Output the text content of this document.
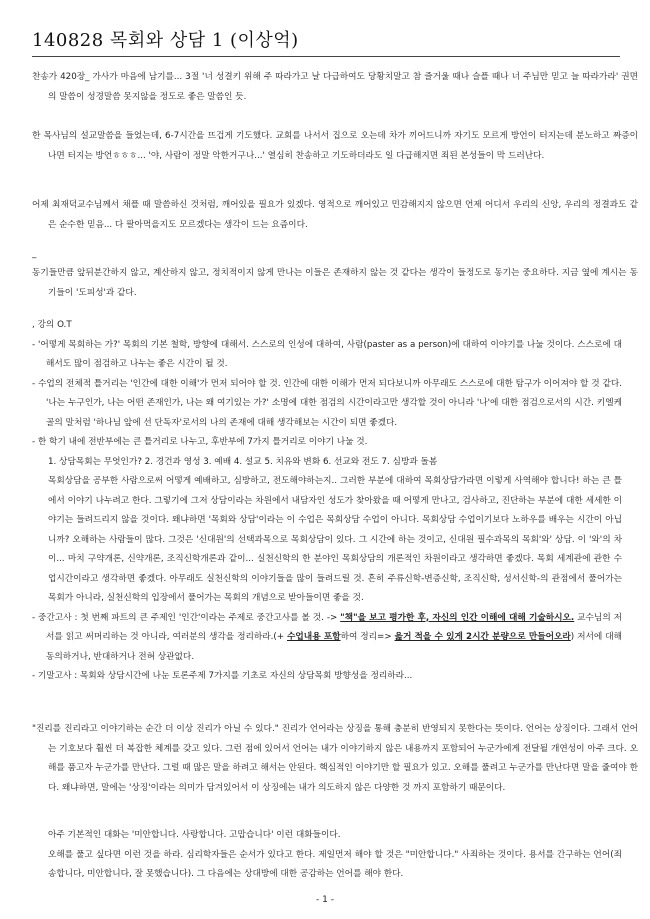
140828 목회와 상담 1 (이상억)
찬송가 420장_ 가사가 마음에 남기를... 3절 '너 성결키 위해 주 따라가고 날 다급하여도 당황치말고 참 즐거울 때나 슬플 때나 너 주님만 믿고 늘 따라가라' 권면의 말씀이 성경말씀 못지않을 정도로 좋은 말씀인 듯.
한 목사님의 설교말씀을 들었는데, 6-7시간을 뜨겁게 기도했다. 교회를 나서서 집으로 오는데 차가 끼어드니까 자기도 모르게 방언이 터지는데 분노하고 짜증이나면 터지는 방언ㅎㅎㅎ... '야, 사람이 정말 악한거구나...' 열심히 찬송하고 기도하더라도 일 다급해지면 죄된 본성들이 막 드러난다.
어제 최재덕교수님께서 채플 때 말씀하신 것처럼, 깨어있을 필요가 있겠다. 영적으로 깨어있고 민감해지지 않으면 언제 어디서 우리의 신앙, 우리의 정결과도 같은 순수한 믿음... 다 팔아먹을지도 모르겠다는 생각이 드는 요즘이다.
_
동기들만큼 앞뒤분간하지 않고, 계산하지 않고, 정치적이지 않게 만나는 이들은 존재하지 않는 것 같다는 생각이 들정도로 동기는 중요하다. 지금 옆에 계시는 동기들이 '도피성'과 같다.
, 강의 O.T
- '어떻게 목회하는 가?' 목회의 기본 철학, 방향에 대해서. 스스로의 인성에 대하여, 사람(paster as a person)에 대하여 이야기를 나눌 것이다. 스스로에 대해서도 많이 점검하고 나누는 좋은 시간이 될 것.
- 수업의 전체적 틀거리는 '인간에 대한 이해'가 먼저 되어야 할 것. 인간에 대한 이해가 먼저 되다보니까 아무래도 스스로에 대한 탐구가 이어져야 할 것 같다. '나는 누구인가, 나는 어떤 존재인가, 나는 왜 여기있는 가?' 소명에 대한 점검의 시간이라고만 생각할 것이 아니라 '나'에 대한 점검으로서의 시간. 키엘케골의 말처럼 '하나님 앞에 선 단독자'로서의 나의 존재에 대해 생각해보는 시간이 되면 좋겠다.
- 한 학기 내에 전반부에는 큰 틀거리로 나누고, 후반부에 7가지 틀거리로 이야기 나눌 것.
1. 상담목회는 무엇인가? 2. 경건과 영성 3. 예배 4. 설교 5. 치유와 변화 6. 선교와 전도 7. 심방과 돌봄
목회상담을 공부한 사람으로써 어떻게 예배하고, 심방하고, 전도해야하는지.. 그러한 부분에 대하여 목회상담가라면 이렇게 사역해야 합니다! 하는 큰 틀에서 이야기 나누려고 한다. 그렇기에 그저 상담이라는 차원에서 내담자인 성도가 찾아왔을 때 어떻게 만나고, 검사하고, 진단하는 부분에 대한 세세한 이야기는 들려드리지 않을 것이다. 왜냐하면 '목회와 상담'이라는 이 수업은 목회상담 수업이 아니다. 목회상담 수업이기보다 노하우를 배우는 시간이 아닙니까? 오해하는 사람들이 많다. 그것은 '신대원'의 선택과목으로 목회상담이 있다. 그 시간에 하는 것이고, 신대원 필수과목의 목회'와' 상담. 이 '와'의 차이... 마치 구약개론, 신약개론, 조직신학개론과 같이... 실천신학의 한 분야인 목회상담의 개론적인 차원이라고 생각하면 좋겠다. 목회 세계관에 관한 수업시간이라고 생각하면 좋겠다. 아무래도 실천신학의 이야기들을 많이 들려드릴 것. 흔히 주류신학-변증신학, 조직신학, 성서신학-의 관점에서 풀어가는 목회가 아니라, 실천신학의 입장에서 풀어가는 목회의 개념으로 받아들이면 좋을 것.
- 중간고사 : 첫 번째 파트의 큰 주제인 '인간'이라는 주제로 중간고사를 볼 것. -> "책"을 보고 평가한 후, 자신의 인간 이해에 대해 기술하시오. 교수님의 저서를 읽고 써머리하는 것 아니라, 여러분의 생각을 정리하라.(+ 수업내용 포함하여 정리=> 읊거 적을 수 있게 2시간 분량으로 만들어오라) 저서에 대해 동의하거나, 반대하거나 전혀 상관없다.
- 기말고사 : 목회와 상담시간에 나눈 토론주제 7가지를 기초로 자신의 상담목회 방향성을 정리하라...
"진리를 진리라고 이야기하는 순간 더 이상 진리가 아닐 수 있다." 진리가 언어라는 상징을 통해 충분히 반영되지 못한다는 뜻이다. 언어는 상징이다. 그래서 언어는 기호보다 훨씬 더 복잡한 체계를 갖고 있다. 그런 점에 있어서 언어는 내가 이야기하지 않은 내용까지 포함되어 누군가에게 전달될 개연성이 아주 크다. 오해를 품고자 누군가를 만난다. 그럴 때 많은 말을 하려고 해서는 안된다. 핵심적인 이야기만 할 필요가 있고. 오해를 풀려고 누군가를 만난다면 말을 줄여야 한다. 왜냐하면, 말에는 '상징'이라는 의미가 담겨있어서 이 상징에는 내가 의도하지 않은 다양한 것 까지 포함하기 때문이다.
아주 기본적인 대화는 '미안합니다. 사랑합니다. 고맙습니다' 이런 대화들이다.
오해를 풀고 싶다면 이런 것을 하라. 심리학자들은 순서가 있다고 한다. 제일먼저 해야 할 것은 "미안합니다." 사죄하는 것이다. 용서를 간구하는 언어(죄송합니다, 미안합니다, 잘 못했습니다). 그 다음에는 상대방에 대한 공감하는 언어를 해야 한다.
- 1 -
